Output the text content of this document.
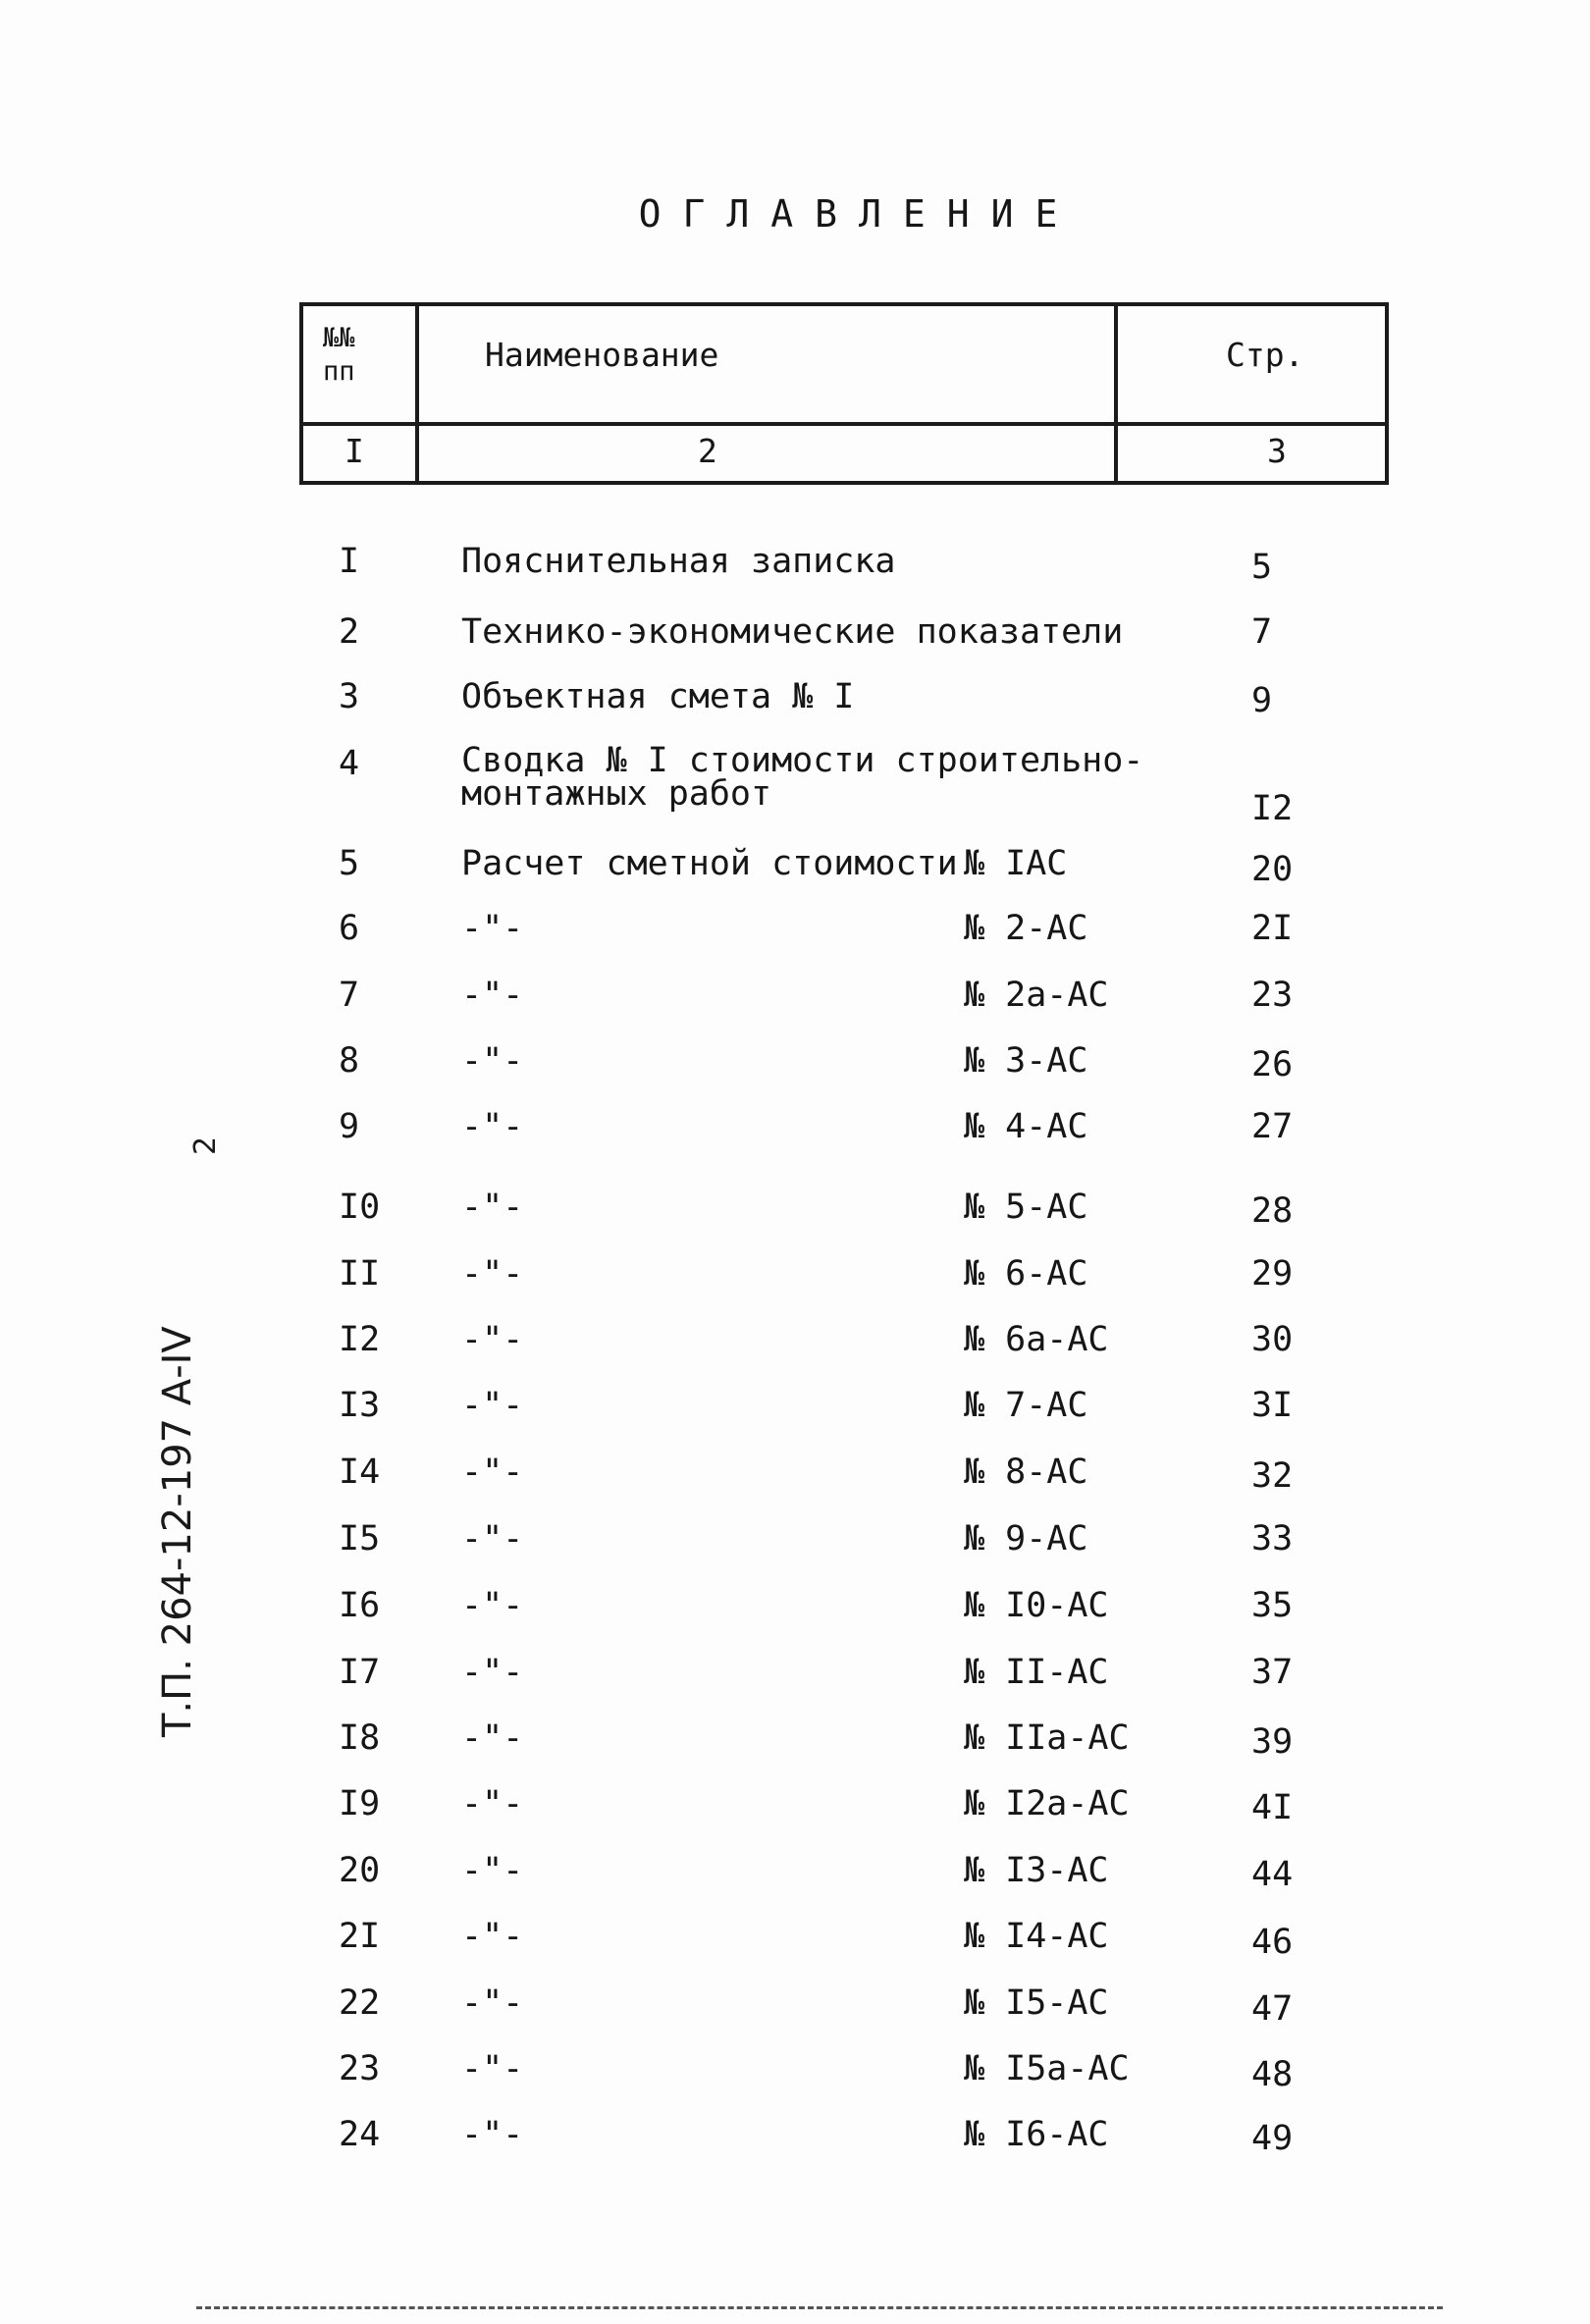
ОГЛАВЛЕНИЕ
№№
пп	Наименование	Стр.
I	2	3
I	Пояснительная записка	5
2	Технико-экономические показатели	7
3	Объектная смета № I	9
4	Сводка № I стоимости строительно-
монтажных работ	I2
5	Расчет сметной стоимости № IАС	20
6	-"-	№ 2-АС	2I
7	-"-	№ 2а-АС	23
8	-"-	№ 3-АС	26
9	-"-	№ 4-АС	27
I0 -"-	№ 5-АС	28
II -"-	№ 6-АС	29
I2 -"-	№ 6а-АС	30
I3 -"-	№ 7-АС	3I
I4 -"-	№ 8-АС	32
I5 -"-	№ 9-АС	33
I6 -"-	№ I0-АС	35
I7 -"-	№ II-АС	37
I8 -"-	№ IIа-АС	39
I9 -"-	№ I2а-АС	4I
20 -"-	№ I3-АС	44
2I -"-	№ I4-АС	46
22 -"-	№ I5-АС	47
23 -"-	№ I5а-АС	48
24 -"-	№ I6-АС	49
Т.П. 264-12-197 А-IV
2
